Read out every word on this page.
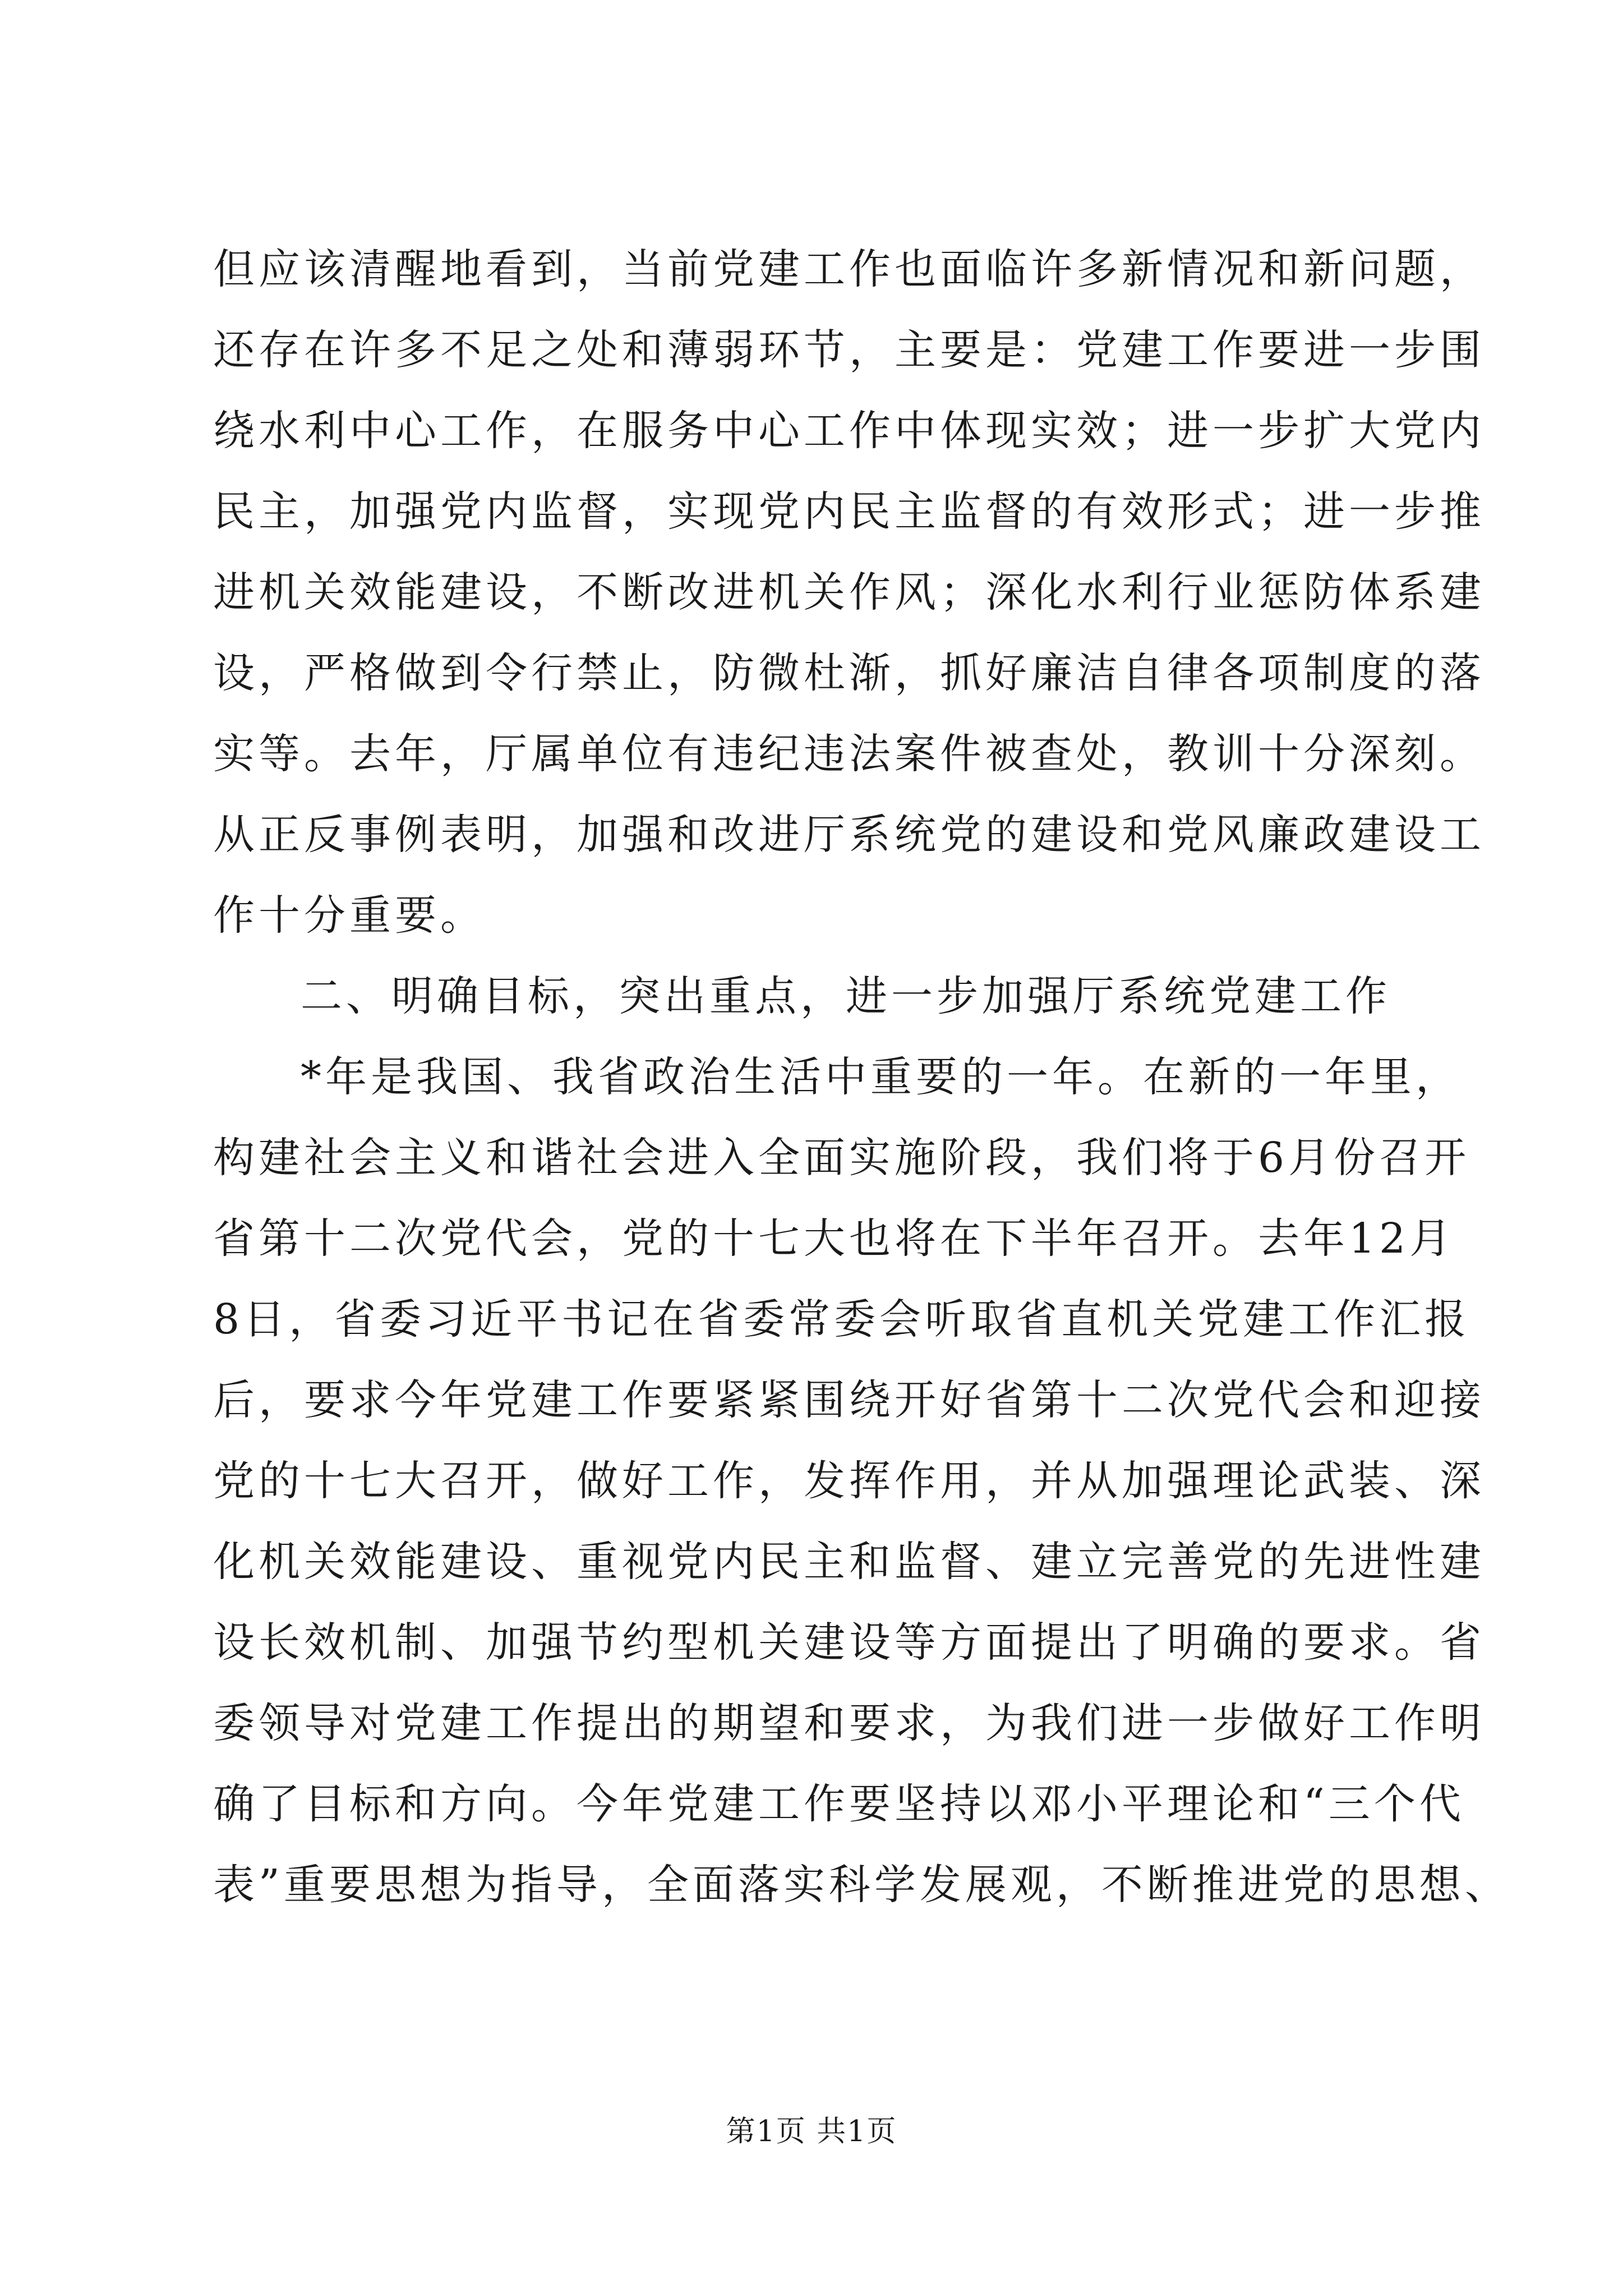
但应该清醒地看到，当前党建工作也面临许多新情况和新问题，
还存在许多不足之处和薄弱环节，主要是：党建工作要进一步围
绕水利中心工作，在服务中心工作中体现实效；进一步扩大党内
民主，加强党内监督，实现党内民主监督的有效形式；进一步推
进机关效能建设，不断改进机关作风；深化水利行业惩防体系建
设，严格做到令行禁止，防微杜渐，抓好廉洁自律各项制度的落
实等。去年，厅属单位有违纪违法案件被查处，教训十分深刻。
从正反事例表明，加强和改进厅系统党的建设和党风廉政建设工
作十分重要。
二、明确目标，突出重点，进一步加强厅系统党建工作
*年是我国、我省政治生活中重要的一年。在新的一年里，
构建社会主义和谐社会进入全面实施阶段，我们将于6月份召开
省第十二次党代会，党的十七大也将在下半年召开。去年12月
8日，省委习近平书记在省委常委会听取省直机关党建工作汇报
后，要求今年党建工作要紧紧围绕开好省第十二次党代会和迎接
党的十七大召开，做好工作，发挥作用，并从加强理论武装、深
化机关效能建设、重视党内民主和监督、建立完善党的先进性建
设长效机制、加强节约型机关建设等方面提出了明确的要求。省
委领导对党建工作提出的期望和要求，为我们进一步做好工作明
确了目标和方向。今年党建工作要坚持以邓小平理论和“三个代
表”重要思想为指导，全面落实科学发展观，不断推进党的思想、
第1页 共1页
